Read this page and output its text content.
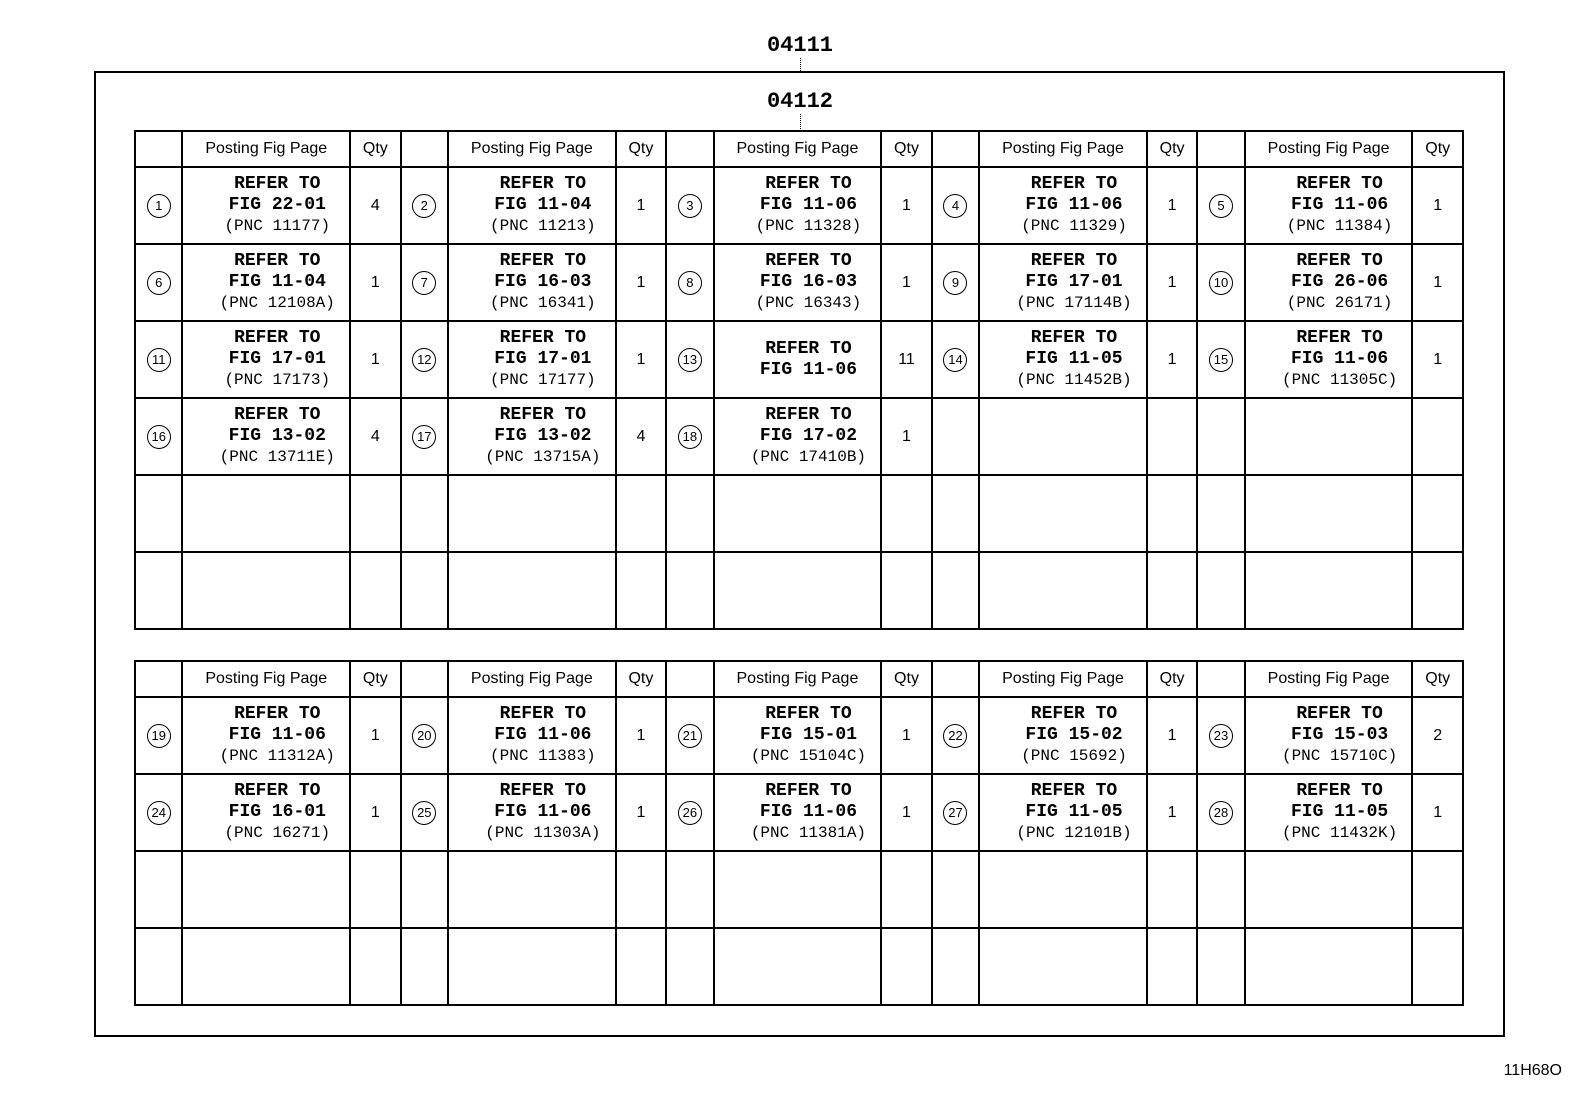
04111
04112
	Posting Fig Page	Qty		Posting Fig Page	Qty		Posting Fig Page	Qty		Posting Fig Page	Qty		Posting Fig Page	Qty
1	REFER TO
FIG 22-01
(PNC 11177)	4	2	REFER TO
FIG 11-04
(PNC 11213)	1	3	REFER TO
FIG 11-06
(PNC 11328)	1	4	REFER TO
FIG 11-06
(PNC 11329)	1	5	REFER TO
FIG 11-06
(PNC 11384)	1
6	REFER TO
FIG 11-04
(PNC 12108A)	1	7	REFER TO
FIG 16-03
(PNC 16341)	1	8	REFER TO
FIG 16-03
(PNC 16343)	1	9	REFER TO
FIG 17-01
(PNC 17114B)	1	10	REFER TO
FIG 26-06
(PNC 26171)	1
11	REFER TO
FIG 17-01
(PNC 17173)	1	12	REFER TO
FIG 17-01
(PNC 17177)	1	13	REFER TO
FIG 11-06	11	14	REFER TO
FIG 11-05
(PNC 11452B)	1	15	REFER TO
FIG 11-06
(PNC 11305C)	1
16	REFER TO
FIG 13-02
(PNC 13711E)	4	17	REFER TO
FIG 13-02
(PNC 13715A)	4	18	REFER TO
FIG 17-02
(PNC 17410B)	1						

	Posting Fig Page	Qty		Posting Fig Page	Qty		Posting Fig Page	Qty		Posting Fig Page	Qty		Posting Fig Page	Qty
19	REFER TO
FIG 11-06
(PNC 11312A)	1	20	REFER TO
FIG 11-06
(PNC 11383)	1	21	REFER TO
FIG 15-01
(PNC 15104C)	1	22	REFER TO
FIG 15-02
(PNC 15692)	1	23	REFER TO
FIG 15-03
(PNC 15710C)	2
24	REFER TO
FIG 16-01
(PNC 16271)	1	25	REFER TO
FIG 11-06
(PNC 11303A)	1	26	REFER TO
FIG 11-06
(PNC 11381A)	1	27	REFER TO
FIG 11-05
(PNC 12101B)	1	28	REFER TO
FIG 11-05
(PNC 11432K)	1

11H68O
